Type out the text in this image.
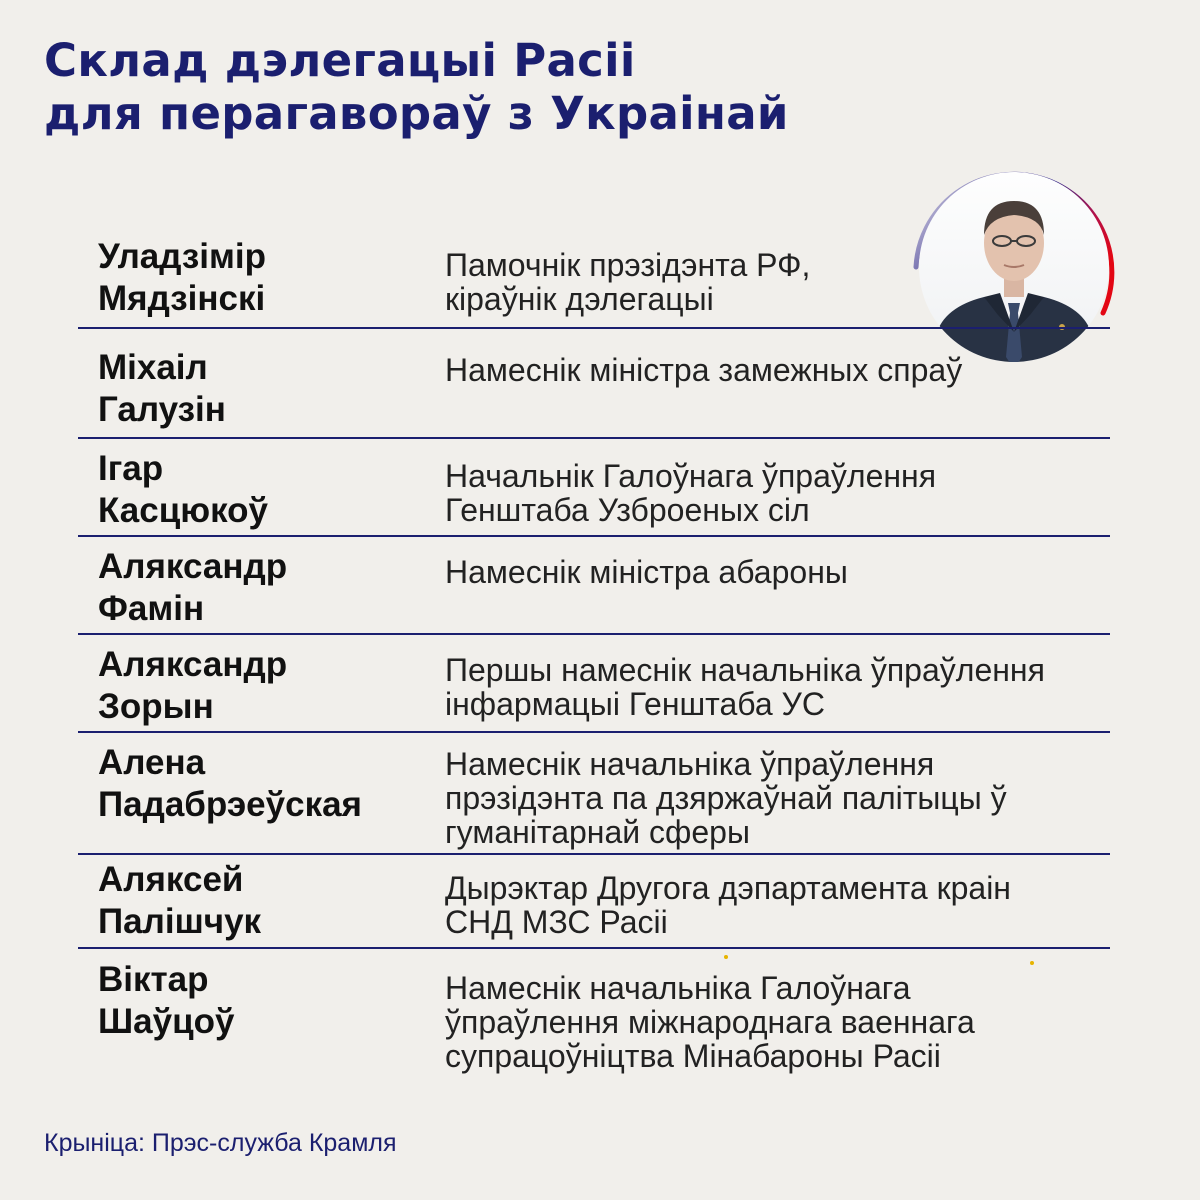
Склад дэлегацыі Расіі
для перагавораў з Украінай
Уладзімір
Мядзінскі
Памочнік прэзідэнта РФ,
кіраўнік дэлегацыі
Міхаіл
Галузін
Намеснік міністра замежных спраў
Ігар
Касцюкоў
Начальнік Галоўнага ўпраўлення
Генштаба Узброеных сіл
Аляксандр
Фамін
Намеснік міністра абароны
Аляксандр
Зорын
Першы намеснік начальніка ўпраўлення
інфармацыі Генштаба УС
Алена
Падабрэеўская
Намеснік начальніка ўпраўлення
прэзідэнта па дзяржаўнай палітыцы ў
гуманітарнай сферы
Аляксей
Палішчук
Дырэктар Другога дэпартамента краін
СНД МЗС Расіі
Віктар
Шаўцоў
Намеснік начальніка Галоўнага
ўпраўлення міжнароднага ваеннага
супрацоўніцтва Мінабароны Расіі
Крыніца: Прэс-служба Крамля
